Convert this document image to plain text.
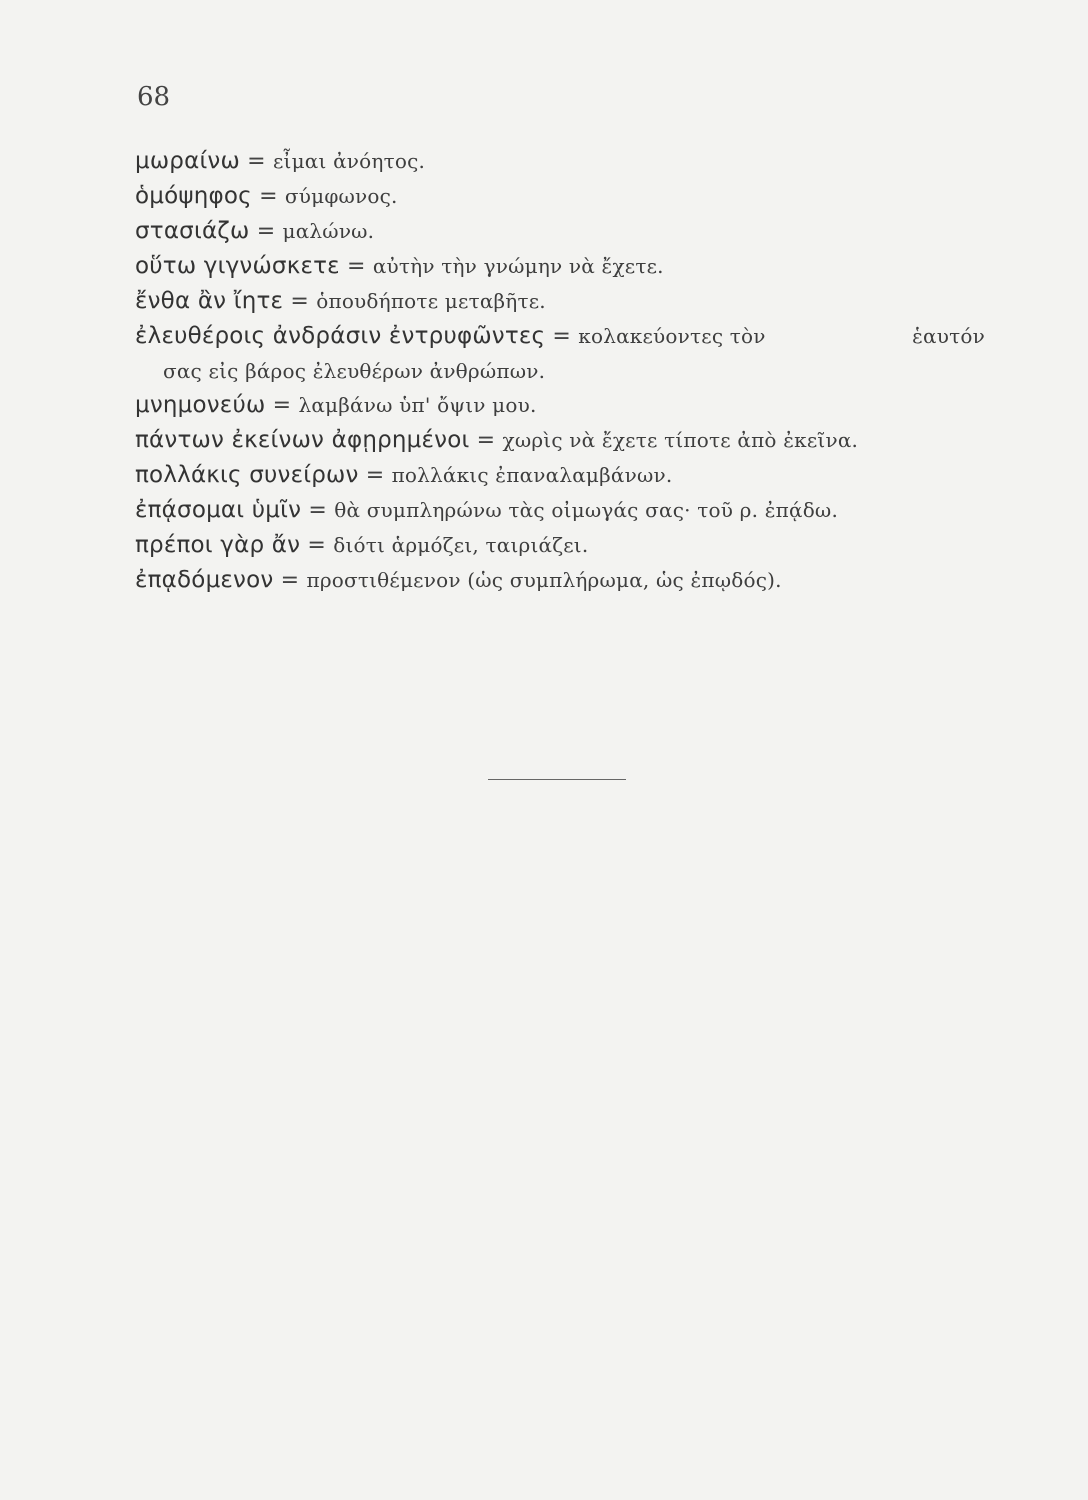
68

μωραίνω = εἶμαι ἀνόητος.
ὁμόψηφος = σύμφωνος.
στασιάζω = μαλώνω.
οὕτω γιγνώσκετε = αὐτὴν τὴν γνώμην νὰ ἔχετε.
ἔνθα ἂν ἴητε = ὁπουδήποτε μεταβῆτε.
ἐλευθέροις ἀνδράσιν ἐντρυφῶντες = κολακεύοντες τὸν	ἑαυτόν
σας εἰς βάρος ἐλευθέρων ἀνθρώπων.
μνημονεύω = λαμβάνω ὑπ' ὄψιν μου.
πάντων ἐκείνων ἀφῃρημένοι = χωρὶς νὰ ἔχετε τίποτε ἀπὸ ἐκεῖνα.
πολλάκις συνείρων = πολλάκις ἐπαναλαμβάνων.
ἐπᾴσομαι ὑμῖν = θὰ συμπληρώνω τὰς οἰμωγάς σας· τοῦ ρ. ἐπᾴδω.
πρέποι γὰρ ἄν = διότι ἁρμόζει, ταιριάζει.
ἐπᾳδόμενον = προστιθέμενον (ὡς συμπλήρωμα, ὡς ἐπῳδός).
